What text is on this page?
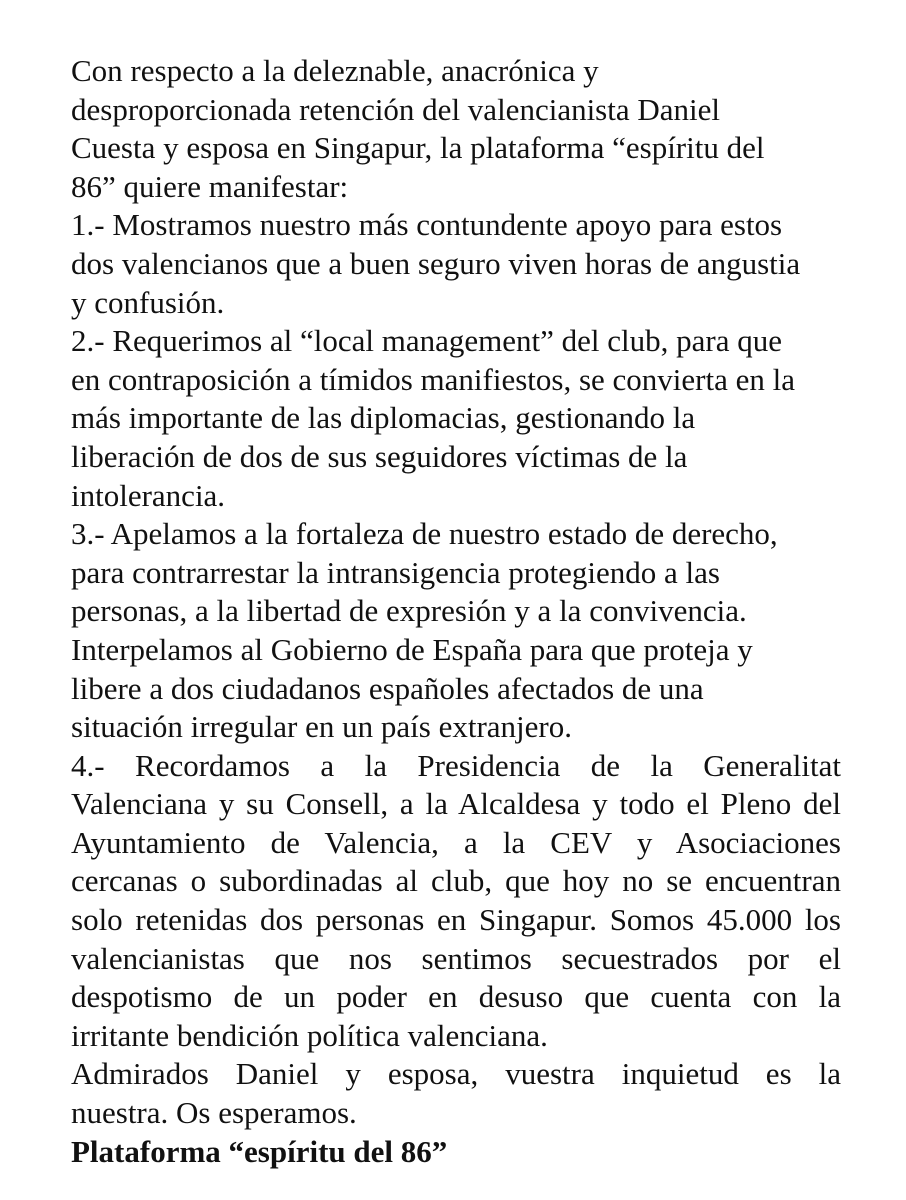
Con respecto a la deleznable, anacrónica y
desproporcionada retención del valencianista Daniel
Cuesta y esposa en Singapur, la plataforma “espíritu del
86” quiere manifestar:
1.- Mostramos nuestro más contundente apoyo para estos
dos valencianos que a buen seguro viven horas de angustia
y confusión.
2.- Requerimos al “local management” del club, para que
en contraposición a tímidos manifiestos, se convierta en la
más importante de las diplomacias, gestionando la
liberación de dos de sus seguidores víctimas de la
intolerancia.
3.- Apelamos a la fortaleza de nuestro estado de derecho,
para contrarrestar la intransigencia protegiendo a las
personas, a la libertad de expresión y a la convivencia.
Interpelamos al Gobierno de España para que proteja y
libere a dos ciudadanos españoles afectados de una
situación irregular en un país extranjero.
4.- Recordamos a la Presidencia de la Generalitat
Valenciana y su Consell, a la Alcaldesa y todo el Pleno del
Ayuntamiento de Valencia, a la CEV y Asociaciones
cercanas o subordinadas al club, que hoy no se encuentran
solo retenidas dos personas en Singapur. Somos 45.000 los
valencianistas que nos sentimos secuestrados por el
despotismo de un poder en desuso que cuenta con la
irritante bendición política valenciana.
Admirados Daniel y esposa, vuestra inquietud es la
nuestra. Os esperamos.
Plataforma “espíritu del 86”
